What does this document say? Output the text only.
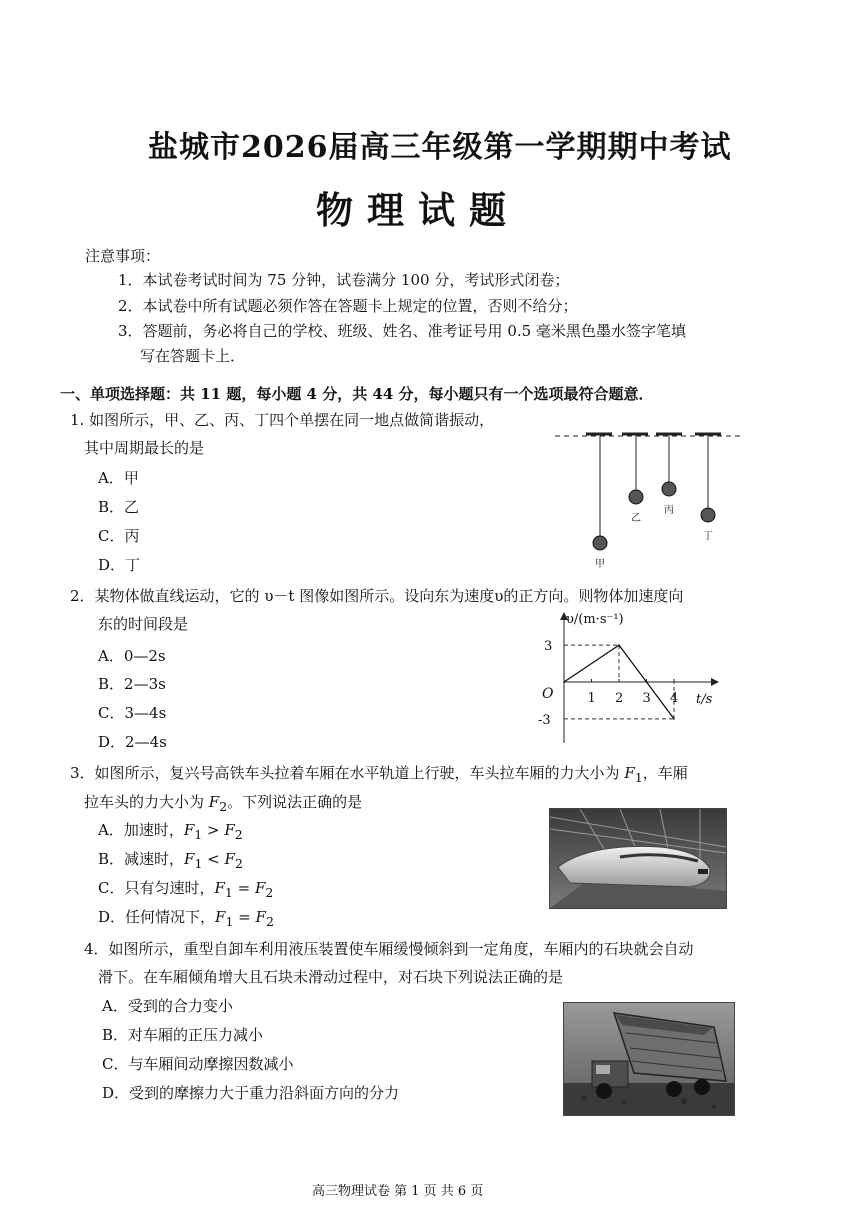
盐城市2026届高三年级第一学期期中考试
物理试题
注意事项：
1．本试卷考试时间为 75 分钟，试卷满分 100 分，考试形式闭卷；
2．本试卷中所有试题必须作答在答题卡上规定的位置，否则不给分；
3．答题前，务必将自己的学校、班级、姓名、准考证号用 0.5 毫米黑色墨水签字笔填
写在答题卡上．
一、单项选择题：共 11 题，每小题 4 分，共 44 分，每小题只有一个选项最符合题意．
1. 如图所示，甲、乙、丙、丁四个单摆在同一地点做简谐振动，
其中周期最长的是
A．甲
B．乙
C．丙
D．丁	甲
乙
丙
丁
2．某物体做直线运动，它的 υ－t 图像如图所示。设向东为速度υ的正方向。则物体加速度向
东的时间段是
A．0—2s
B．2—3s
C．3—4s
D．2—4s
1 2 3 4
3
-3
υ/(m·s⁻¹)
t/s
O
3．如图所示，复兴号高铁车头拉着车厢在水平轨道上行驶，车头拉车厢的力大小为 $F_1$，车厢
拉车头的力大小为 $F_2$。下列说法正确的是
A．加速时，$F_1 > F_2$
B．减速时，$F_1 < F_2$
C．只有匀速时，$F_1 = F_2$
D．任何情况下，$F_1 = F_2$
4．如图所示，重型自卸车利用液压装置使车厢缓慢倾斜到一定角度，车厢内的石块就会自动
滑下。在车厢倾角增大且石块未滑动过程中，对石块下列说法正确的是
A．受到的合力变小
B．对车厢的正压力减小
C．与车厢间动摩擦因数减小
D．受到的摩擦力大于重力沿斜面方向的分力
高三物理试卷 第 1 页 共 6 页
